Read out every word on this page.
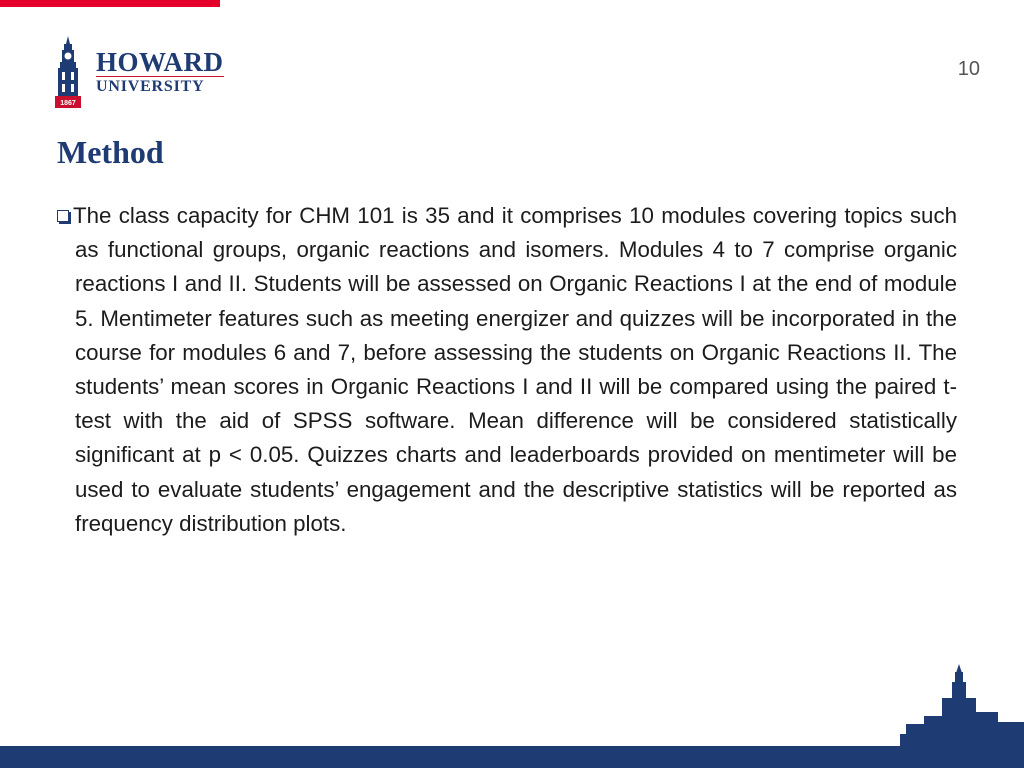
1867
HOWARD
UNIVERSITY
10
Method

The class capacity for CHM 101 is 35 and it comprises 10 modules covering topics such as functional groups, organic reactions and isomers. Modules 4 to 7 comprise organic reactions I and II. Students will be assessed on Organic Reactions I at the end of module 5. Mentimeter features such as meeting energizer and quizzes will be incorporated in the course for modules 6 and 7, before assessing the students on Organic Reactions II. The students’ mean scores in Organic Reactions I and II will be compared using the paired t-test with the aid of SPSS software. Mean difference will be considered statistically significant at p < 0.05. Quizzes charts and leaderboards provided on mentimeter will be used to evaluate students’ engagement and the descriptive statistics will be reported as frequency distribution plots.
